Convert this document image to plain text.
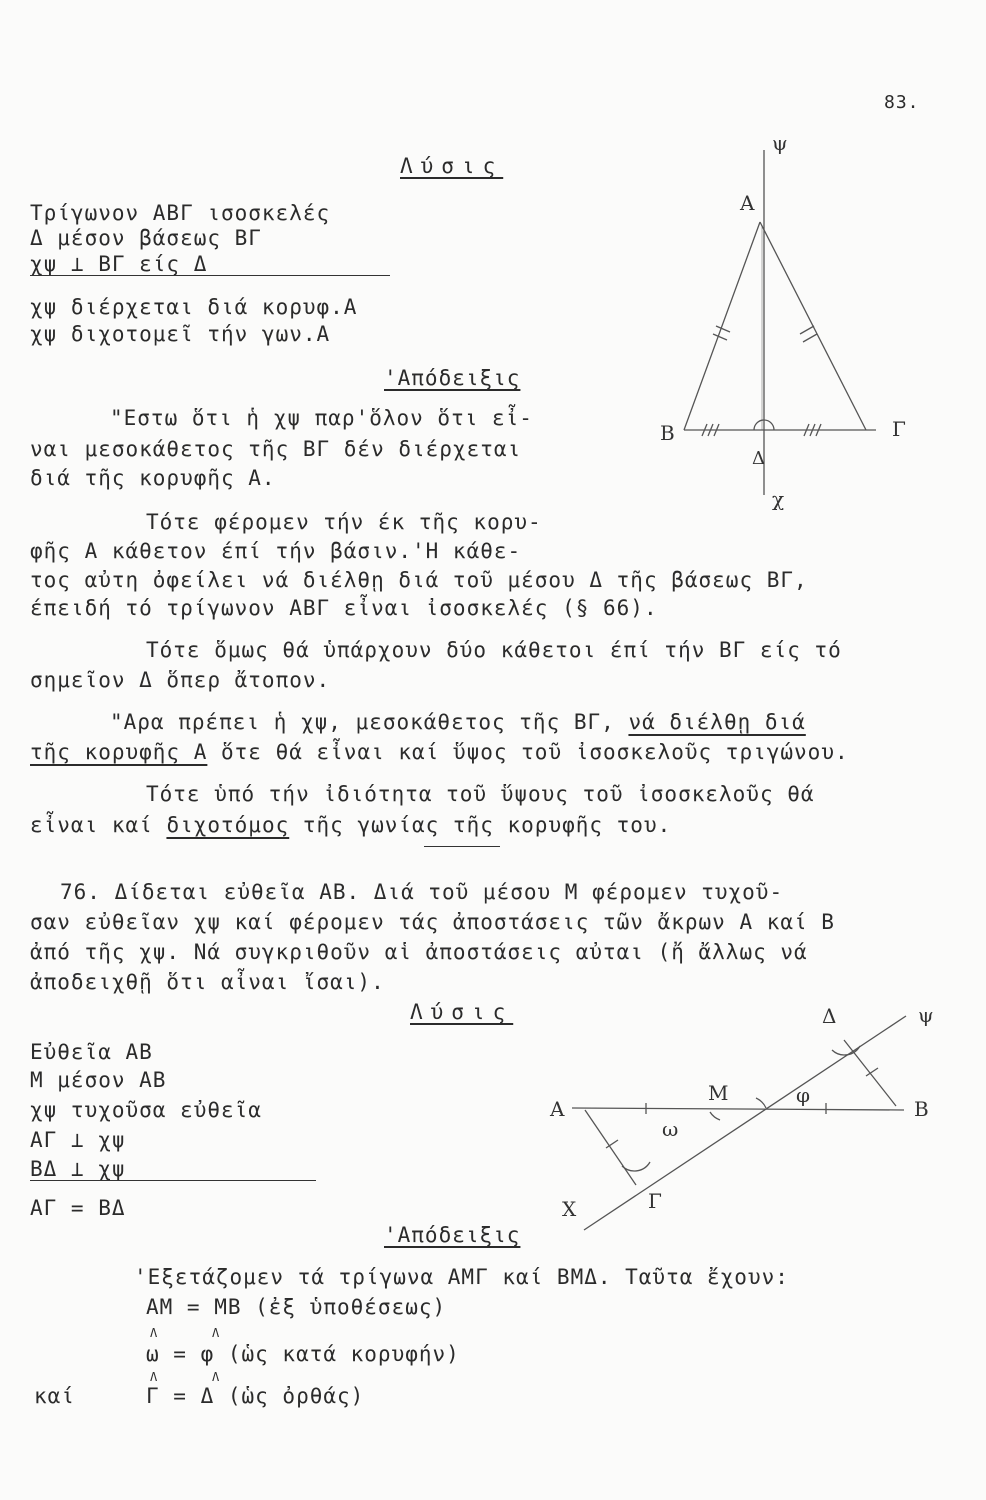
83.
Λύσις
Τρίγωνον ΑΒΓ ισοσκελές
Δ μέσον βάσεως ΒΓ
χψ ⊥ ΒΓ είς Δ
χψ διέρχεται διά κορυφ.Α
χψ διχοτομεῖ τήν γων.Α
'Απόδειξις
"Εστω ὅτι ἡ χψ παρ'ὅλον ὅτι εἶ-
ναι μεσοκάθετος τῆς ΒΓ δέν διέρχεται
διά τῆς κορυφῆς Α.
Τότε φέρομεν τήν έκ τῆς κορυ-
φῆς Α κάθετον έπί τήν βάσιν.'Η κάθε-
τος αὐτη ὀφείλει νά διέλθῃ διά τοῦ μέσου Δ τῆς βάσεως ΒΓ,
έπειδή τό τρίγωνον ΑΒΓ εἶναι ἰσοσκελές (§ 66).
Τότε ὅμως θά ὑπάρχουν δύο κάθετοι έπί τήν ΒΓ είς τό
σημεῖον Δ ὅπερ ἄτοπον.
"Αρα πρέπει ἡ χψ, μεσοκάθετος τῆς ΒΓ, νά διέλθῃ διά
τῆς κορυφῆς Α ὅτε θά εἶναι καί ὕψος τοῦ ἰσοσκελοῦς τριγώνου.
Τότε ὑπό τήν ἰδιότητα τοῦ ὕψους τοῦ ἰσοσκελοῦς θά
εἶναι καί διχοτόμος τῆς γωνίας τῆς κορυφῆς του.
ψ
Α
Β	Γ
Δ
χ
76. Δίδεται εὐθεῖα ΑΒ. Διά τοῦ μέσου Μ φέρομεν τυχοῦ-
σαν εὐθεῖαν χψ καί φέρομεν τάς ἀποστάσεις τῶν ἄκρων Α καί Β
ἀπό τῆς χψ. Νά συγκριθοῦν αἱ ἀποστάσεις αὐται (ἤ ἄλλως νά
ἀποδειχθῇ ὅτι αἶναι ἴσαι).
Λύσις
Εὐθεῖα ΑΒ
Μ μέσον ΑΒ
χψ τυχοῦσα εὐθεῖα
ΑΓ ⊥ χψ
ΒΔ ⊥ χψ
ΑΓ = ΒΔ
'Απόδειξις
'Εξετάζομεν τά τρίγωνα ΑΜΓ καί ΒΜΔ. Ταῦτα ἔχουν:
ΑΜ = ΜΒ (ἐξ ὑποθέσεως)
Λ	Λ
ω = φ (ὡς κατά κορυφήν)
Λ	Λ
καί	Γ = Δ (ὡς ὀρθάς)
Δ	ψ
Μ	φ
Α	Β
ω
Γ
Χ
